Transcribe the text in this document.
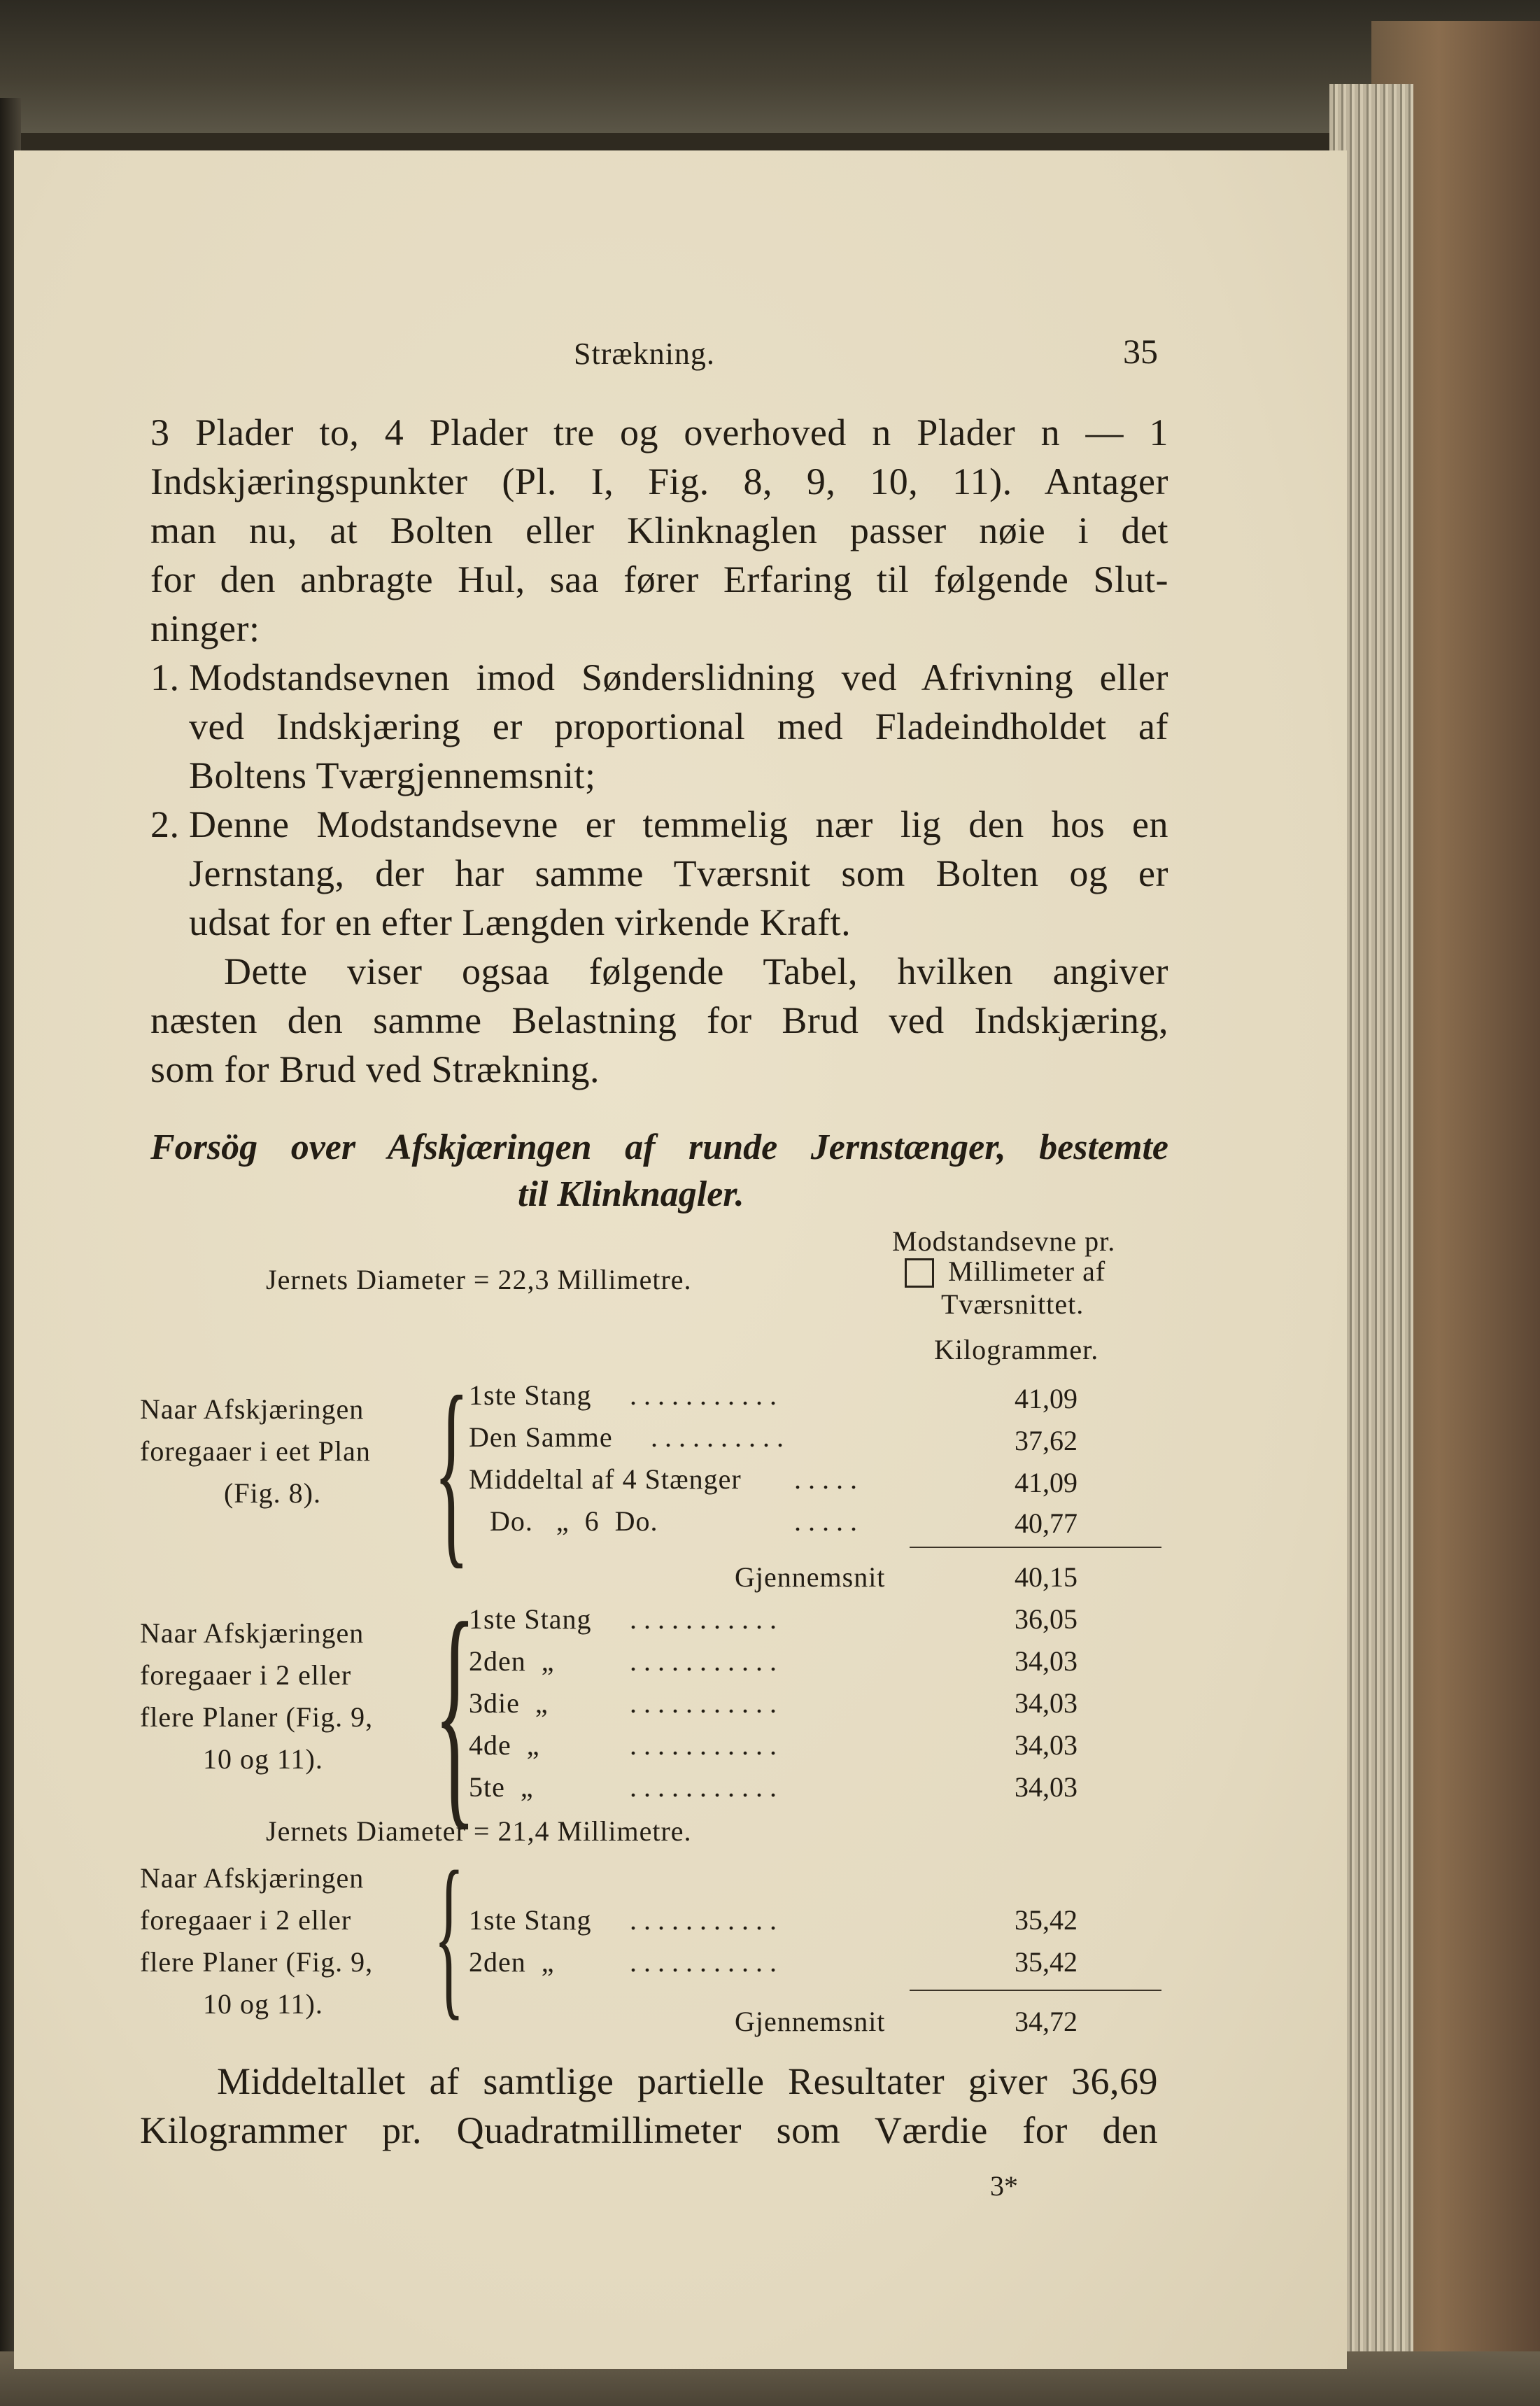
Strækning.	35
3 Plader to, 4 Plader tre og overhoved n Plader n — 1
Indskjæringspunkter (Pl. I, Fig. 8, 9, 10, 11). Antager
man nu, at Bolten eller Klinknaglen passer nøie i det
for den anbragte Hul, saa fører Erfaring til følgende Slut-
ninger:
1. Modstandsevnen imod Sønderslidning ved Afrivning eller
ved Indskjæring er proportional med Fladeindholdet af
Boltens Tværgjennemsnit;
2. Denne Modstandsevne er temmelig nær lig den hos en
Jernstang, der har samme Tværsnit som Bolten og er
udsat for en efter Længden virkende Kraft.
Dette viser ogsaa følgende Tabel, hvilken angiver
næsten den samme Belastning for Brud ved Indskjæring,
som for Brud ved Strækning.
Forsög over Afskjæringen af runde Jernstænger, bestemte
til Klinknagler.
Modstandsevne pr.
Millimeter af
Tværsnittet.
Jernets Diameter = 22,3 Millimetre.
Kilogrammer.
Naar Afskjæringen
foregaaer i eet Plan
(Fig. 8). { 1ste Stang ...........	41,09
Den Samme ..........	37,62
Middeltal af 4 Stænger .....	41,09
Do.   „  6  Do.	.....	40,77
Gjennemsnit	40,15
Naar Afskjæringen
foregaaer i 2 eller
flere Planer (Fig. 9,
10 og 11). {
1ste Stang ...........	36,05
2den  „	...........	34,03
3die  „	...........	34,03
4de  „	...........	34,03
5te  „	...........	34,03
Jernets Diameter = 21,4 Millimetre.
Naar Afskjæringen
foregaaer i 2 eller
flere Planer (Fig. 9,
10 og 11). { 1ste Stang ...........	35,42
2den  „	...........	35,42
Gjennemsnit	34,72
Middeltallet af samtlige partielle Resultater giver 36,69
Kilogrammer pr. Quadratmillimeter som Værdie for den
3*
